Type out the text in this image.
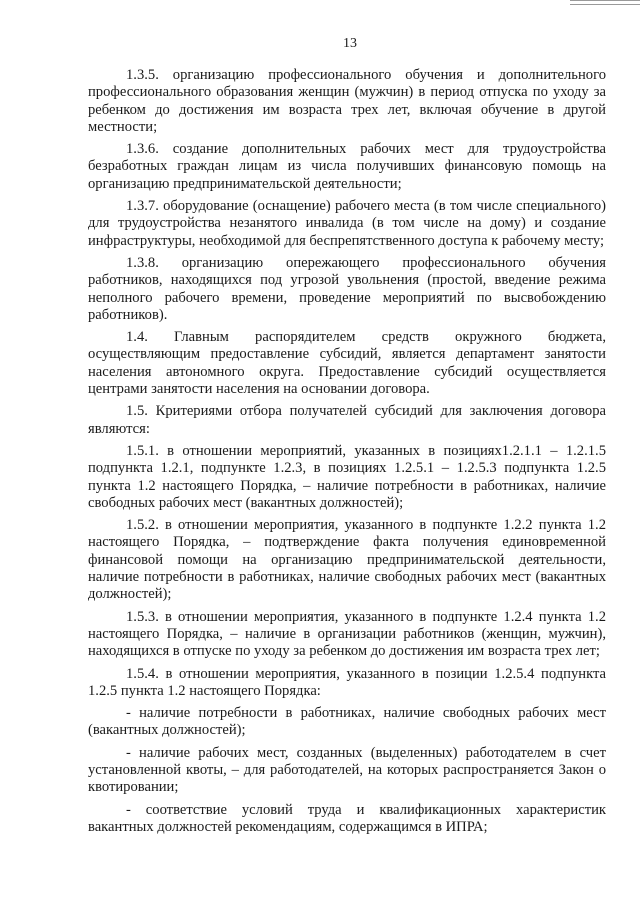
13

1.3.5. организацию профессионального обучения и дополнительного профессионального образования женщин (мужчин) в период отпуска по уходу за ребенком до достижения им возраста трех лет, включая обучение в другой местности;

1.3.6. создание дополнительных рабочих мест для трудоустройства безработных граждан лицам из числа получивших финансовую помощь на организацию предпринимательской деятельности;

1.3.7. оборудование (оснащение) рабочего места (в том числе специального) для трудоустройства незанятого инвалида (в том числе на дому) и создание инфраструктуры, необходимой для беспрепятственного доступа к рабочему месту;

1.3.8. организацию опережающего профессионального обучения работников, находящихся под угрозой увольнения (простой, введение режима неполного рабочего времени, проведение мероприятий по высвобождению работников).

1.4. Главным распорядителем средств окружного бюджета, осуществляющим предоставление субсидий, является департамент занятости населения автономного округа. Предоставление субсидий осуществляется центрами занятости населения на основании договора.

1.5. Критериями отбора получателей субсидий для заключения договора являются:

1.5.1. в отношении мероприятий, указанных в позициях1.2.1.1 – 1.2.1.5 подпункта 1.2.1, подпункте 1.2.3, в позициях 1.2.5.1 – 1.2.5.3 подпункта 1.2.5 пункта 1.2 настоящего Порядка, – наличие потребности в работниках, наличие свободных рабочих мест (вакантных должностей);

1.5.2. в отношении мероприятия, указанного в подпункте 1.2.2 пункта 1.2 настоящего Порядка, – подтверждение факта получения единовременной финансовой помощи на организацию предпринимательской деятельности, наличие потребности в работниках, наличие свободных рабочих мест (вакантных должностей);

1.5.3. в отношении мероприятия, указанного в подпункте 1.2.4 пункта 1.2 настоящего Порядка, – наличие в организации работников (женщин, мужчин), находящихся в отпуске по уходу за ребенком до достижения им возраста трех лет;

1.5.4. в отношении мероприятия, указанного в позиции 1.2.5.4 подпункта 1.2.5 пункта 1.2 настоящего Порядка:

- наличие потребности в работниках, наличие свободных рабочих мест (вакантных должностей);

- наличие рабочих мест, созданных (выделенных) работодателем в счет установленной квоты, – для работодателей, на которых распространяется Закон о квотировании;

- соответствие условий труда и квалификационных характеристик вакантных должностей рекомендациям, содержащимся в ИПРА;
